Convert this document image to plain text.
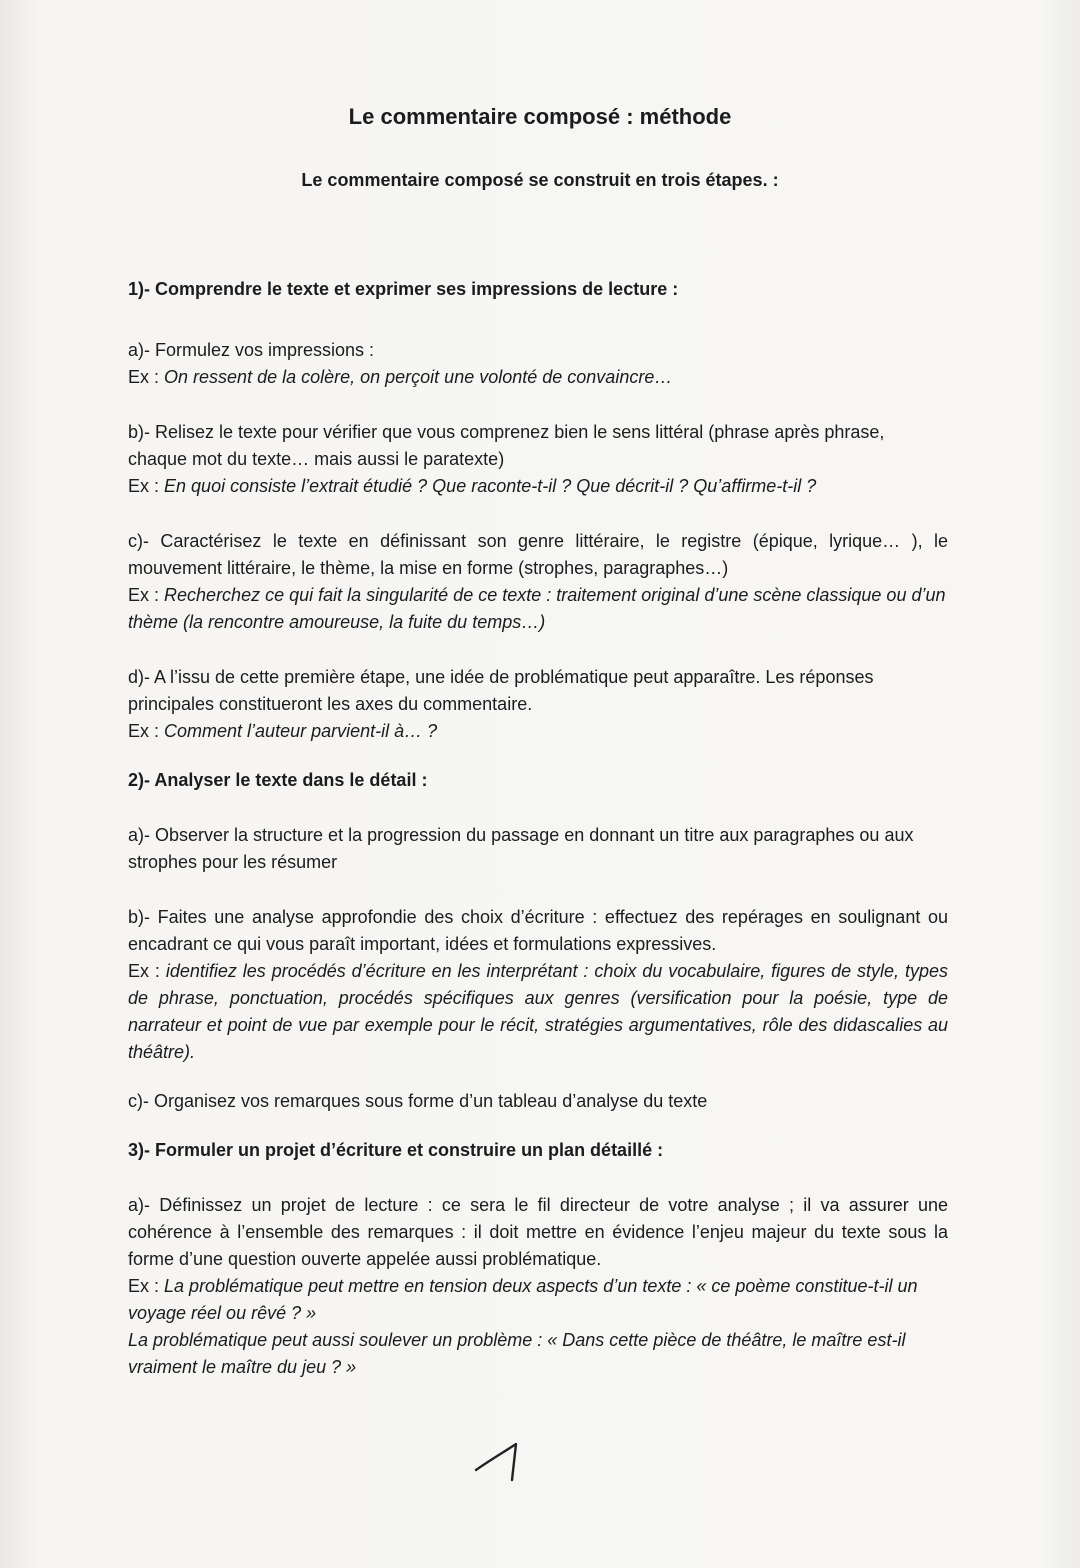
Le commentaire composé : méthode
Le commentaire composé se construit en trois étapes. :

1)- Comprendre le texte et exprimer ses impressions de lecture :

a)- Formulez vos impressions :

Ex : On ressent de la colère, on perçoit une volonté de convaincre…

b)- Relisez le texte pour vérifier que vous comprenez bien le sens littéral (phrase après phrase, chaque mot du texte… mais aussi le paratexte)

Ex : En quoi consiste l’extrait étudié ? Que raconte-t-il ? Que décrit-il ? Qu’affirme-t-il ?

c)- Caractérisez le texte en définissant son genre littéraire, le registre (épique, lyrique… ), le mouvement littéraire, le thème, la mise en forme (strophes, paragraphes…)

Ex : Recherchez ce qui fait la singularité de ce texte : traitement original d’une scène classique ou d’un thème (la rencontre amoureuse, la fuite du temps…)

d)- A l’issu de cette première étape, une idée de problématique peut apparaître. Les réponses principales constitueront les axes du commentaire.

Ex : Comment l’auteur parvient-il à… ?

2)- Analyser le texte dans le détail :

a)- Observer la structure et la progression du passage en donnant un titre aux paragraphes ou aux strophes pour les résumer

b)- Faites une analyse approfondie des choix d’écriture : effectuez des repérages en soulignant ou encadrant ce qui vous paraît important, idées et formulations expressives.

Ex : identifiez les procédés d’écriture en les interprétant : choix du vocabulaire, figures de style, types de phrase, ponctuation, procédés spécifiques aux genres (versification pour la poésie, type de narrateur et point de vue par exemple pour le récit, stratégies argumentatives, rôle des didascalies au théâtre).

c)- Organisez vos remarques sous forme d’un tableau d’analyse du texte

3)- Formuler un projet d’écriture et construire un plan détaillé :

a)- Définissez un projet de lecture : ce sera le fil directeur de votre analyse ; il va assurer une cohérence à l’ensemble des remarques : il doit mettre en évidence l’enjeu majeur du texte sous la forme d’une question ouverte appelée aussi problématique.

Ex : La problématique peut mettre en tension deux aspects d’un texte : « ce poème constitue-t-il un voyage réel ou rêvé ? »

La problématique peut aussi soulever un problème : « Dans cette pièce de théâtre, le maître est-il vraiment le maître du jeu ? »
